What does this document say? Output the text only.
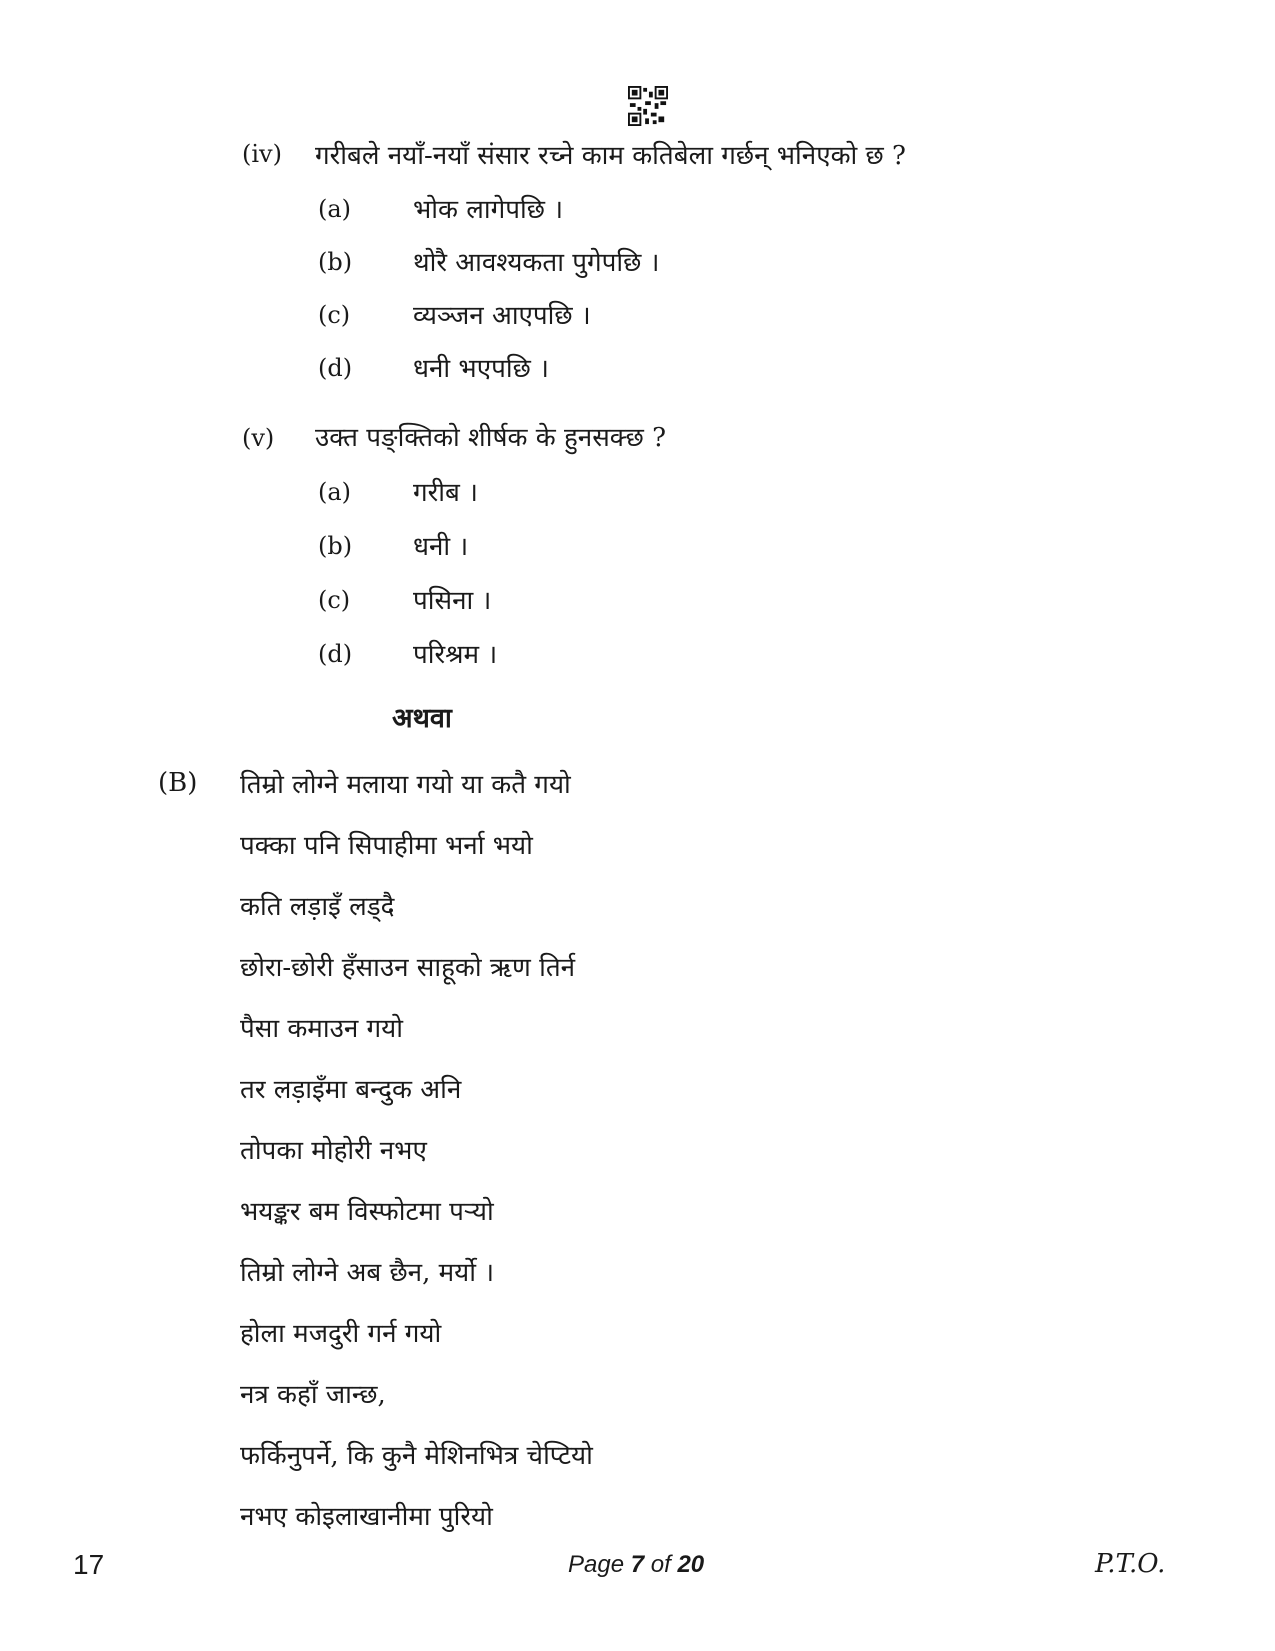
(iv) गरीबले नयाँ-नयाँ संसार रच्ने काम कतिबेला गर्छन् भनिएको छ ?
(a) भोक लागेपछि ।
(b) थोरै आवश्यकता पुगेपछि ।
(c) व्यञ्जन आएपछि ।
(d) धनी भएपछि ।
(v) उक्त पङ्क्तिको शीर्षक के हुनसक्छ ?
(a) गरीब ।
(b) धनी ।
(c) पसिना ।
(d) परिश्रम ।
अथवा
(B) तिम्रो लोग्ने मलाया गयो या कतै गयो
पक्का पनि सिपाहीमा भर्ना भयो
कति लड़ाइँ लड्दै
छोरा-छोरी हँसाउन साहूको ऋण तिर्न
पैसा कमाउन गयो
तर लड़ाइँमा बन्दुक अनि
तोपका मोहोरी नभए
भयङ्कर बम विस्फोटमा पर्‍यो
तिम्रो लोग्ने अब छैन, मर्यो ।
होला मजदुरी गर्न गयो
नत्र कहाँ जान्छ,
फर्किनुपर्ने, कि कुनै मेशिनभित्र चेप्टियो
नभए कोइलाखानीमा पुरियो
17	Page 7 of 20	P.T.O.
